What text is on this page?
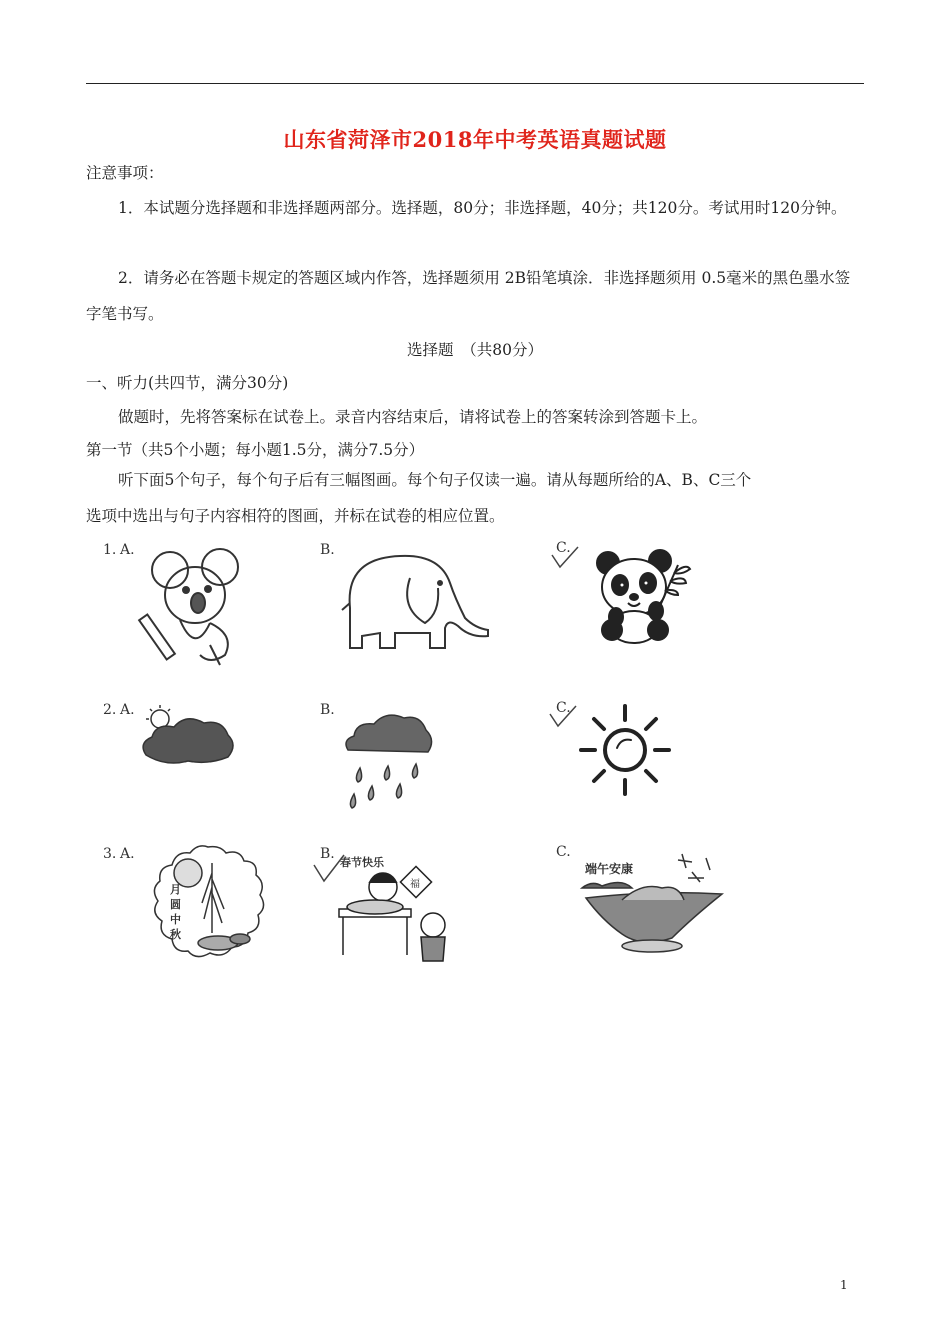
山东省菏泽市2018年中考英语真题试题
注意事项：
1．本试题分选择题和非选择题两部分。选择题，80分；非选择题，40分；共120分。考试用时120分钟。
2．请务必在答题卡规定的答题区域内作答，选择题须用 2B铅笔填涂．非选择题须用 0.5毫米的黑色墨水签字笔书写。
选择题　（共80分）
一、听力(共四节，满分30分)
做题时，先将答案标在试卷上。录音内容结束后，请将试卷上的答案转涂到答题卡上。
第一节（共5个小题；每小题1.5分，满分7.5分）
听下面5个句子，每个句子后有三幅图画。每个句子仅读一遍。请从每题所给的A、B、C三个选项中选出与句子内容相符的图画，并标在试卷的相应位置。
1. A.	B.	C.
2. A.	B.	C.
3. A.	B.	C.
月圆中秋
春节快乐
福
端午安康
1
